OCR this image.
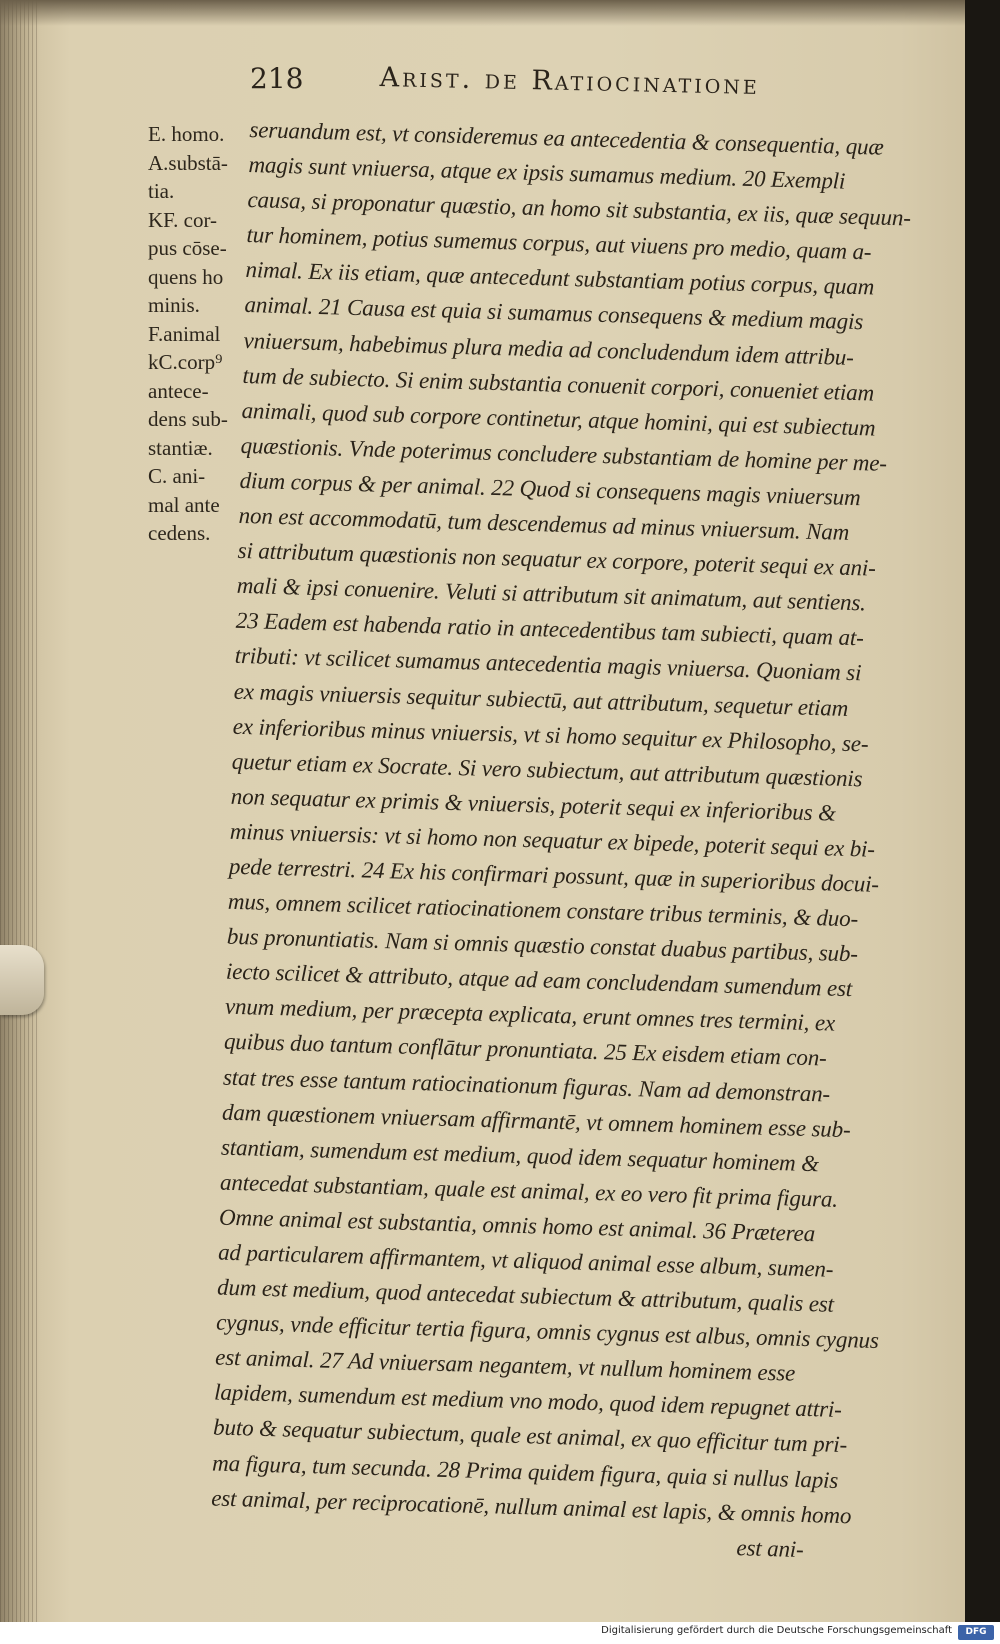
218	Arist. de Ratiocinatione
E. homo.
A.substā-
tia.
KF. cor-
pus cōse-
quens ho
minis.
F.animal
kC.corp⁹
antece-
dens sub-
stantiæ.
C. ani-
mal ante
cedens.
seruandum est, vt consideremus ea antecedentia & consequentia, quæ
magis sunt vniuersa, atque ex ipsis sumamus medium. 20 Exempli
causa, si proponatur quæstio, an homo sit substantia, ex iis, quæ sequun-
tur hominem, potius sumemus corpus, aut viuens pro medio, quam a-
nimal. Ex iis etiam, quæ antecedunt substantiam potius corpus, quam
animal. 21 Causa est quia si sumamus consequens & medium magis
vniuersum, habebimus plura media ad concludendum idem attribu-
tum de subiecto. Si enim substantia conuenit corpori, conueniet etiam
animali, quod sub corpore continetur, atque homini, qui est subiectum
quæstionis. Vnde poterimus concludere substantiam de homine per me-
dium corpus & per animal. 22 Quod si consequens magis vniuersum
non est accommodatū, tum descendemus ad minus vniuersum. Nam
si attributum quæstionis non sequatur ex corpore, poterit sequi ex ani-
mali & ipsi conuenire. Veluti si attributum sit animatum, aut sentiens.
23 Eadem est habenda ratio in antecedentibus tam subiecti, quam at-
tributi: vt scilicet sumamus antecedentia magis vniuersa. Quoniam si
ex magis vniuersis sequitur subiectū, aut attributum, sequetur etiam
ex inferioribus minus vniuersis, vt si homo sequitur ex Philosopho, se-
quetur etiam ex Socrate. Si vero subiectum, aut attributum quæstionis
non sequatur ex primis & vniuersis, poterit sequi ex inferioribus &
minus vniuersis: vt si homo non sequatur ex bipede, poterit sequi ex bi-
pede terrestri. 24 Ex his confirmari possunt, quæ in superioribus docui-
mus, omnem scilicet ratiocinationem constare tribus terminis, & duo-
bus pronuntiatis. Nam si omnis quæstio constat duabus partibus, sub-
iecto scilicet & attributo, atque ad eam concludendam sumendum est
vnum medium, per præcepta explicata, erunt omnes tres termini, ex
quibus duo tantum conflātur pronuntiata. 25 Ex eisdem etiam con-
stat tres esse tantum ratiocinationum figuras. Nam ad demonstran-
dam quæstionem vniuersam affirmantē, vt omnem hominem esse sub-
stantiam, sumendum est medium, quod idem sequatur hominem &
antecedat substantiam, quale est animal, ex eo vero fit prima figura.
Omne animal est substantia, omnis homo est animal. 36 Præterea
ad particularem affirmantem, vt aliquod animal esse album, sumen-
dum est medium, quod antecedat subiectum & attributum, qualis est
cygnus, vnde efficitur tertia figura, omnis cygnus est albus, omnis cygnus
est animal. 27 Ad vniuersam negantem, vt nullum hominem esse
lapidem, sumendum est medium vno modo, quod idem repugnet attri-
buto & sequatur subiectum, quale est animal, ex quo efficitur tum pri-
ma figura, tum secunda. 28 Prima quidem figura, quia si nullus lapis
est animal, per reciprocationē, nullum animal est lapis, & omnis homo
est ani-
Digitalisierung gefördert durch die Deutsche Forschungsgemeinschaft	DFG
